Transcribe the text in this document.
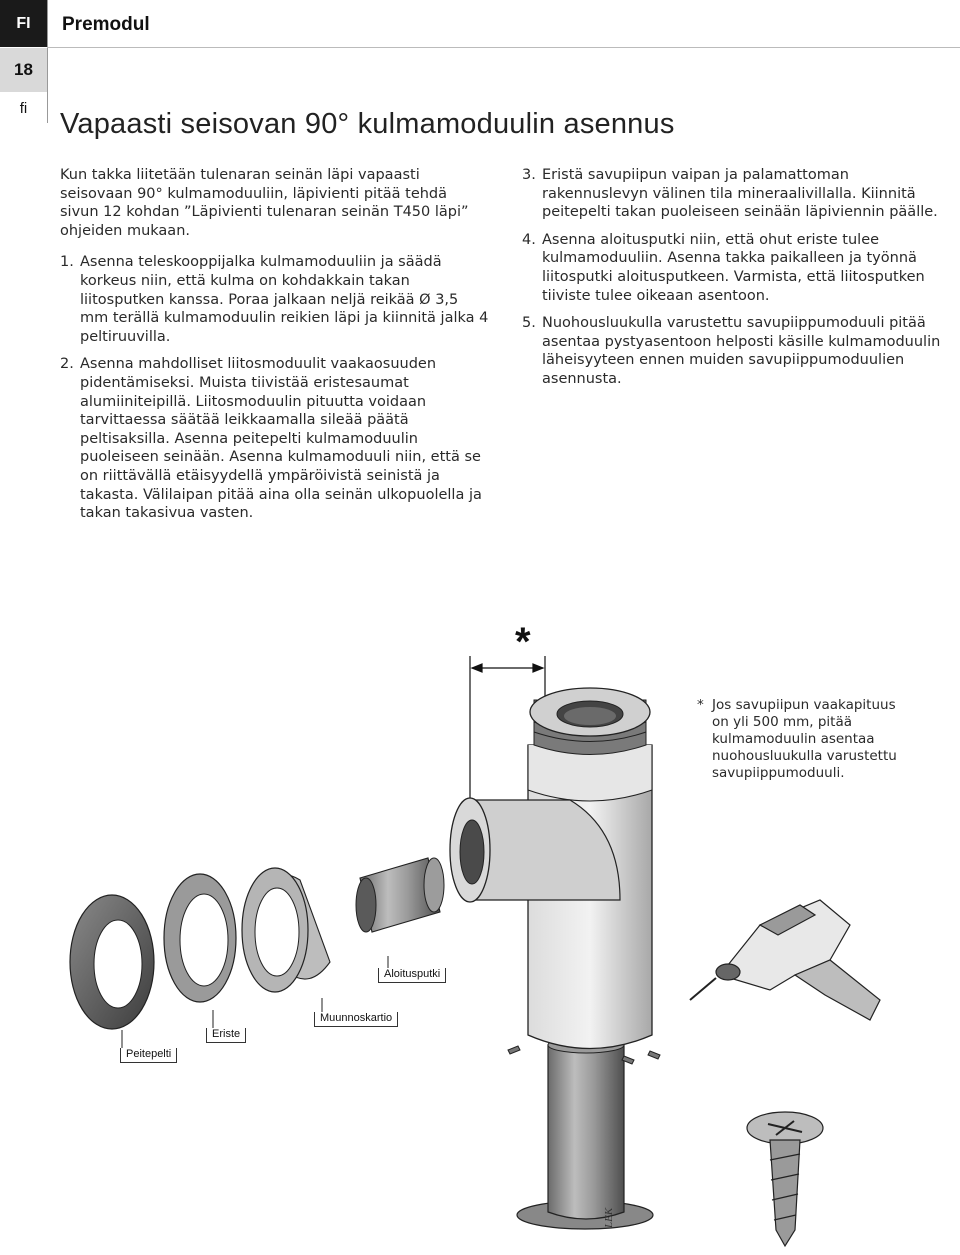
FI
18
fi
Premodul
Vapaasti seisovan 90° kulmamoduulin asennus

Kun takka liitetään tulenaran seinän läpi vapaasti seisovaan 90° kulmamoduuliin, läpivienti pitää tehdä sivun 12 kohdan ”Läpivienti tulenaran seinän T450 läpi” ohjeiden mukaan.

1. Asenna teleskooppijalka kulmamoduuliin ja säädä korkeus niin, että kulma on kohdakkain takan liitosputken kanssa. Poraa jalkaan neljä reikää Ø 3,5 mm terällä kulmamoduulin reikien läpi ja kiinnitä jalka 4 peltiruuvilla.
2. Asenna mahdolliset liitosmoduulit vaakaosuuden pidentämiseksi. Muista tiivistää eristesaumat alumiiniteipillä. Liitosmoduulin pituutta voidaan tarvittaessa säätää leikkaamalla sileää päätä peltisaksilla. Asenna peitepelti kulmamoduulin puoleiseen seinään. Asenna kulmamoduuli niin, että se on riittävällä etäisyydellä ympäröivistä seinistä ja takasta. Välilaipan pitää aina olla seinän ulkopuolella ja takan takasivua vasten.
3. Eristä savupiipun vaipan ja palamattoman rakennuslevyn välinen tila mineraalivillalla. Kiinnitä peitepelti takan puoleiseen seinään läpiviennin päälle.
4. Asenna aloitusputki niin, että ohut eriste tulee kulmamoduuliin. Asenna takka paikalleen ja työnnä liitosputki aloitusputkeen. Varmista, että liitosputken tiiviste tulee oikeaan asentoon.
5. Nuohousluukulla varustettu savupiippumoduuli pitää asentaa pystyasentoon helposti käsille kulmamoduulin läheisyyteen ennen muiden savupiippumoduulien asennusta.
LEK
*
* Jos savupiipun vaakapituus on yli 500 mm, pitää kulmamoduulin asentaa nuohousluukulla varustettu savupiippumoduuli.
Aloitusputki
Muunnoskartio
Eriste
Peitepelti
